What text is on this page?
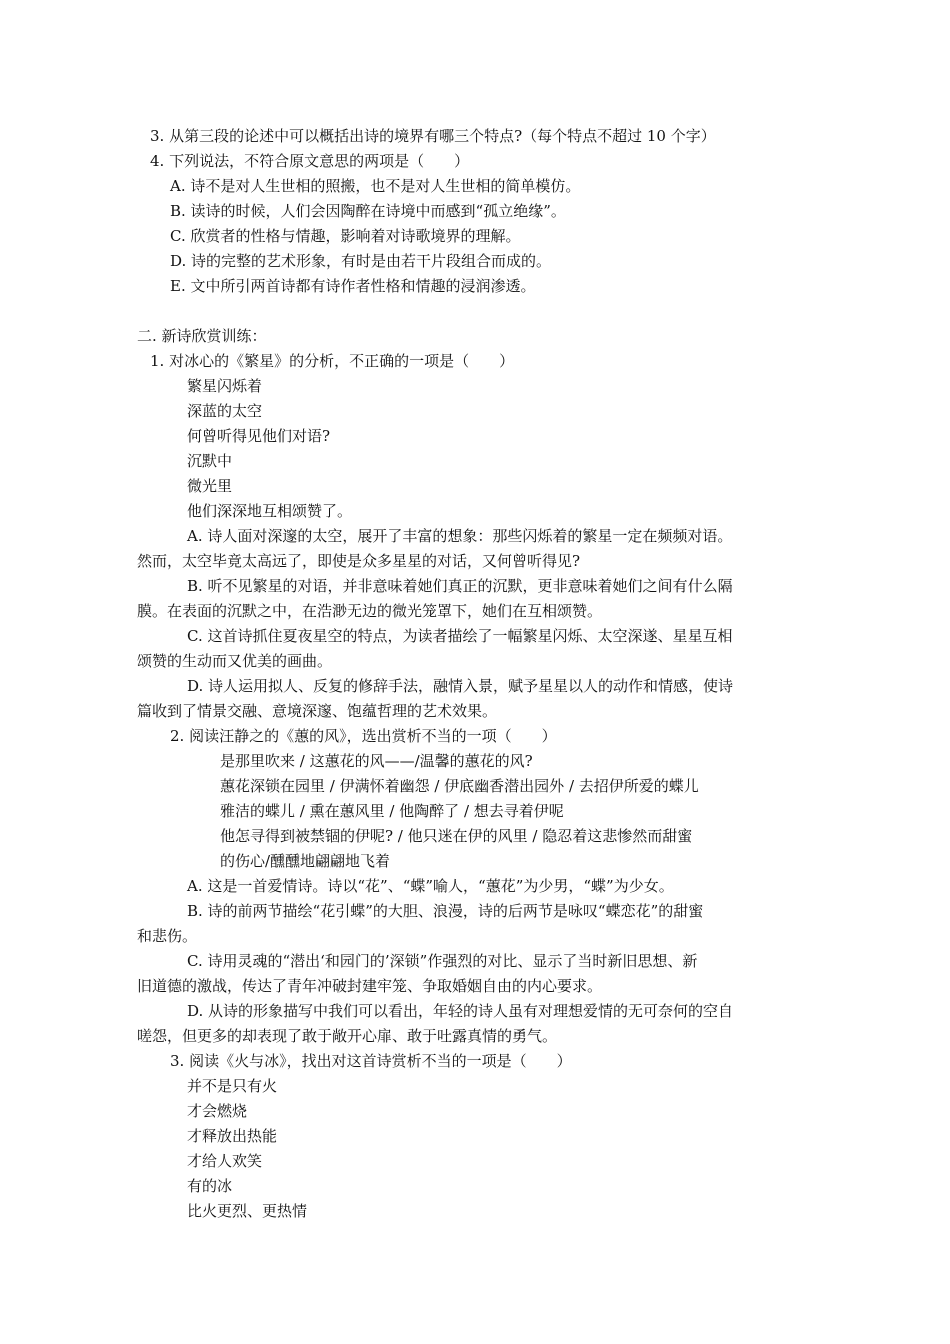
3. 从第三段的论述中可以概括出诗的境界有哪三个特点?（每个特点不超过 10 个字）
4. 下列说法，不符合原文意思的两项是（　　）
A. 诗不是对人生世相的照搬，也不是对人生世相的简单模仿。
B. 读诗的时候，人们会因陶醉在诗境中而感到“孤立绝缘”。
C. 欣赏者的性格与情趣，影响着对诗歌境界的理解。
D. 诗的完整的艺术形象，有时是由若干片段组合而成的。
E. 文中所引两首诗都有诗作者性格和情趣的浸润渗透。
二. 新诗欣赏训练：
1. 对冰心的《繁星》的分析，不正确的一项是（　　）
繁星闪烁着
深蓝的太空
何曾听得见他们对语?
沉默中
微光里
他们深深地互相颂赞了。
A. 诗人面对深邃的太空，展开了丰富的想象：那些闪烁着的繁星一定在频频对语。
然而，太空毕竟太高远了，即使是众多星星的对话，又何曾听得见?
B. 听不见繁星的对语，并非意味着她们真正的沉默，更非意味着她们之间有什么隔
膜。在表面的沉默之中，在浩渺无边的微光笼罩下，她们在互相颂赞。
C. 这首诗抓住夏夜星空的特点，为读者描绘了一幅繁星闪烁、太空深遂、星星互相
颂赞的生动而又优美的画曲。
D. 诗人运用拟人、反复的修辞手法，融情入景，赋予星星以人的动作和情感，使诗
篇收到了情景交融、意境深邃、饱蕴哲理的艺术效果。
2. 阅读汪静之的《蕙的风》，选出赏析不当的一项（　　）
是那里吹来 / 这蕙花的风——/温馨的蕙花的风?
蕙花深锁在园里 / 伊满怀着幽怨 / 伊底幽香潜出园外 / 去招伊所爱的蝶儿
雅洁的蝶儿 / 熏在蕙风里 / 他陶醉了 / 想去寻着伊呢
他怎寻得到被禁锢的伊呢? / 他只迷在伊的风里 / 隐忍着这悲惨然而甜蜜
的伤心/醺醺地翩翩地飞着
A. 这是一首爱情诗。诗以“花”、“蝶”喻人，“蕙花”为少男，“蝶”为少女。
B. 诗的前两节描绘“花引蝶”的大胆、浪漫，诗的后两节是咏叹“蝶恋花”的甜蜜
和悲伤。
C. 诗用灵魂的“潜出‘和园门的’深锁”作强烈的对比、显示了当时新旧思想、新
旧道德的激战，传达了青年冲破封建牢笼、争取婚姻自由的内心要求。
D. 从诗的形象描写中我们可以看出，年轻的诗人虽有对理想爱情的无可奈何的空自
嗟怨，但更多的却表现了敢于敞开心扉、敢于吐露真情的勇气。
3. 阅读《火与冰》，找出对这首诗赏析不当的一项是（　　）
并不是只有火
才会燃烧
才释放出热能
才给人欢笑
有的冰
比火更烈、更热情
